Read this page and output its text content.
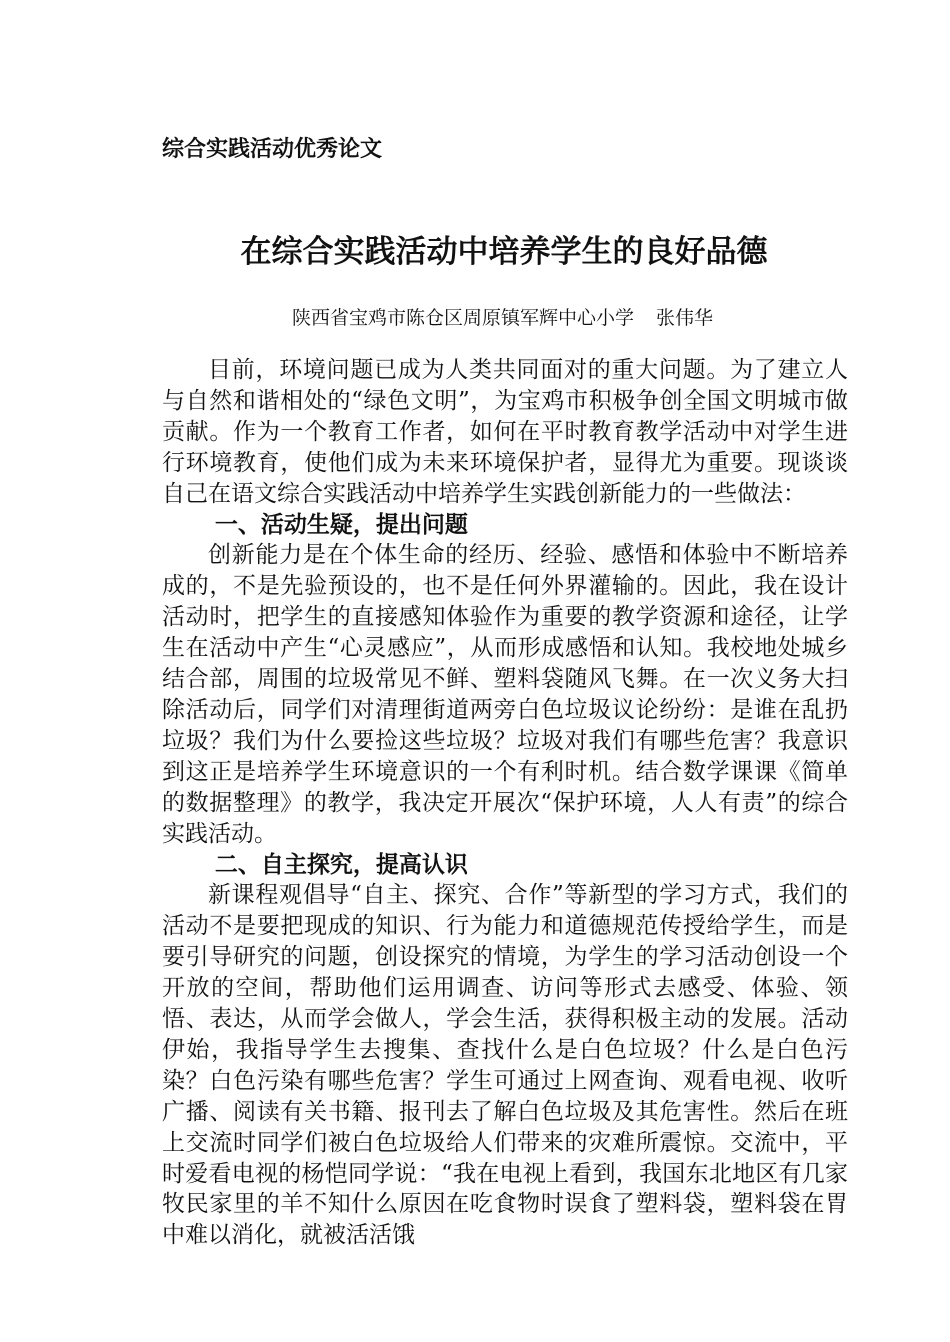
综合实践活动优秀论文
在综合实践活动中培养学生的良好品德
陕西省宝鸡市陈仓区周原镇军辉中心小学 张伟华

目前，环境问题已成为人类共同面对的重大问题。为了建立人与自然和谐相处的“绿色文明”，为宝鸡市积极争创全国文明城市做贡献。作为一个教育工作者，如何在平时教育教学活动中对学生进行环境教育，使他们成为未来环境保护者，显得尤为重要。现谈谈自己在语文综合实践活动中培养学生实践创新能力的一些做法：

一、活动生疑，提出问题

创新能力是在个体生命的经历、经验、感悟和体验中不断培养成的，不是先验预设的，也不是任何外界灌输的。因此，我在设计活动时，把学生的直接感知体验作为重要的教学资源和途径，让学生在活动中产生“心灵感应”，从而形成感悟和认知。我校地处城乡结合部，周围的垃圾常见不鲜、塑料袋随风飞舞。在一次义务大扫除活动后，同学们对清理街道两旁白色垃圾议论纷纷：是谁在乱扔垃圾？我们为什么要捡这些垃圾？垃圾对我们有哪些危害？我意识到这正是培养学生环境意识的一个有利时机。结合数学课课《简单的数据整理》的教学，我决定开展次“保护环境，人人有责”的综合实践活动。

二、自主探究，提高认识

新课程观倡导“自主、探究、合作”等新型的学习方式，我们的活动不是要把现成的知识、行为能力和道德规范传授给学生，而是要引导研究的问题，创设探究的情境，为学生的学习活动创设一个开放的空间，帮助他们运用调查、访问等形式去感受、体验、领悟、表达，从而学会做人，学会生活，获得积极主动的发展。活动伊始，我指导学生去搜集、查找什么是白色垃圾？什么是白色污染？白色污染有哪些危害？学生可通过上网查询、观看电视、收听广播、阅读有关书籍、报刊去了解白色垃圾及其危害性。然后在班上交流时同学们被白色垃圾给人们带来的灾难所震惊。交流中，平时爱看电视的杨恺同学说：“我在电视上看到，我国东北地区有几家牧民家里的羊不知什么原因在吃食物时误食了塑料袋，塑料袋在胃中难以消化，就被活活饿
